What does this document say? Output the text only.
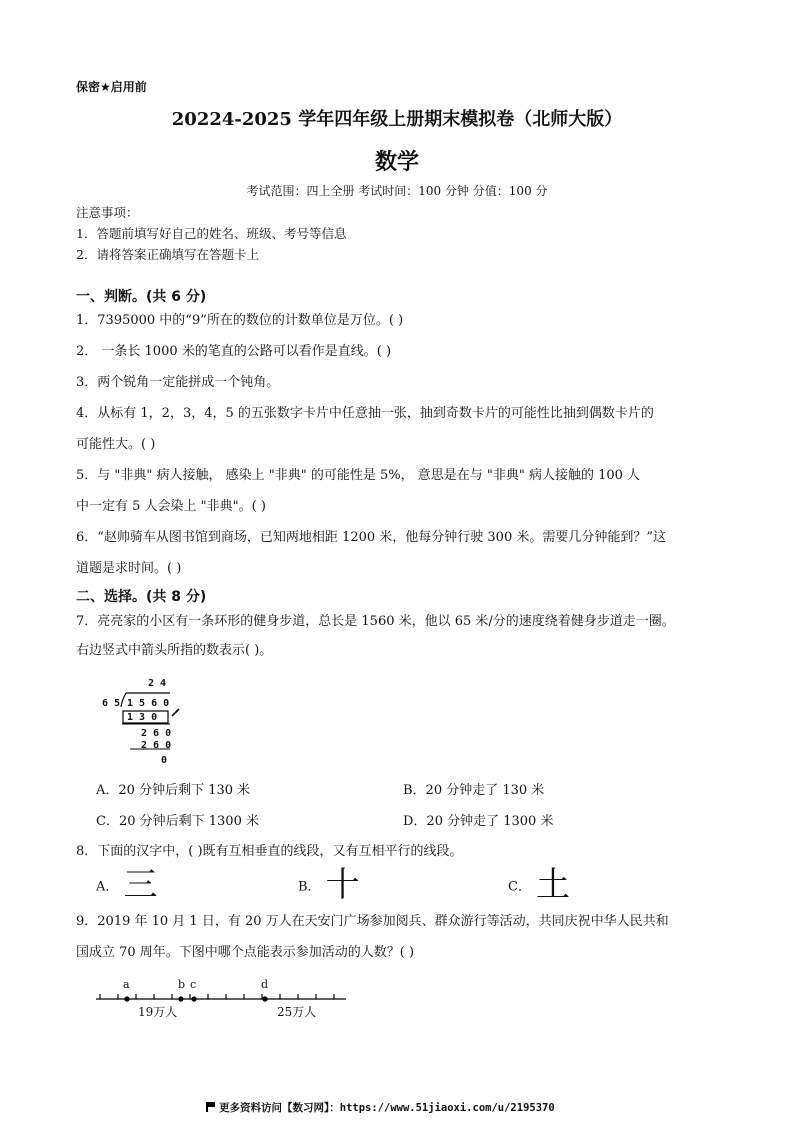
保密★启用前
20224-2025 学年四年级上册期末模拟卷（北师大版）
数学
考试范围：四上全册 考试时间：100 分钟 分值：100 分
注意事项：
1．答题前填写好自己的姓名、班级、考号等信息
2．请将答案正确填写在答题卡上
一、判断。(共 6 分)
1．7395000 中的“9”所在的数位的计数单位是万位。( )
2． 一条长 1000 米的笔直的公路可以看作是直线。( )
3．两个锐角一定能拼成一个钝角。
4．从标有 1，2，3，4，5 的五张数字卡片中任意抽一张，抽到奇数卡片的可能性比抽到偶数卡片的
可能性大。( )
5．与 "非典" 病人接触， 感染上 "非典" 的可能性是 5%， 意思是在与 "非典" 病人接触的 100 人
中一定有 5 人会染上 "非典"。( )
6．“赵帅骑车从图书馆到商场，已知两地相距 1200 米，他每分钟行驶 300 米。需要几分钟能到？”这
道题是求时间。( )
二、选择。(共 8 分)
7．亮亮家的小区有一条环形的健身步道，总长是 1560 米，他以 65 米/分的速度绕着健身步道走一圈。
右边竖式中箭头所指的数表示( )。
2 4
6 5 1 5 6 0
1 3 0
2 6 0
2 6 0
0
A．20 分钟后剩下 130 米	B．20 分钟走了 130 米
C．20 分钟后剩下 1300 米	D．20 分钟走了 1300 米
8．下面的汉字中，( )既有互相垂直的线段，又有互相平行的线段。
A． 三	B． 十	C． 土
9．2019 年 10 月 1 日，有 20 万人在天安门广场参加阅兵、群众游行等活动，共同庆祝中华人民共和
国成立 70 周年。下图中哪个点能表示参加活动的人数？( )
a	b c	d
19万人	25万人
更多资料访问【数习网】：https://www.51jiaoxi.com/u/2195370
